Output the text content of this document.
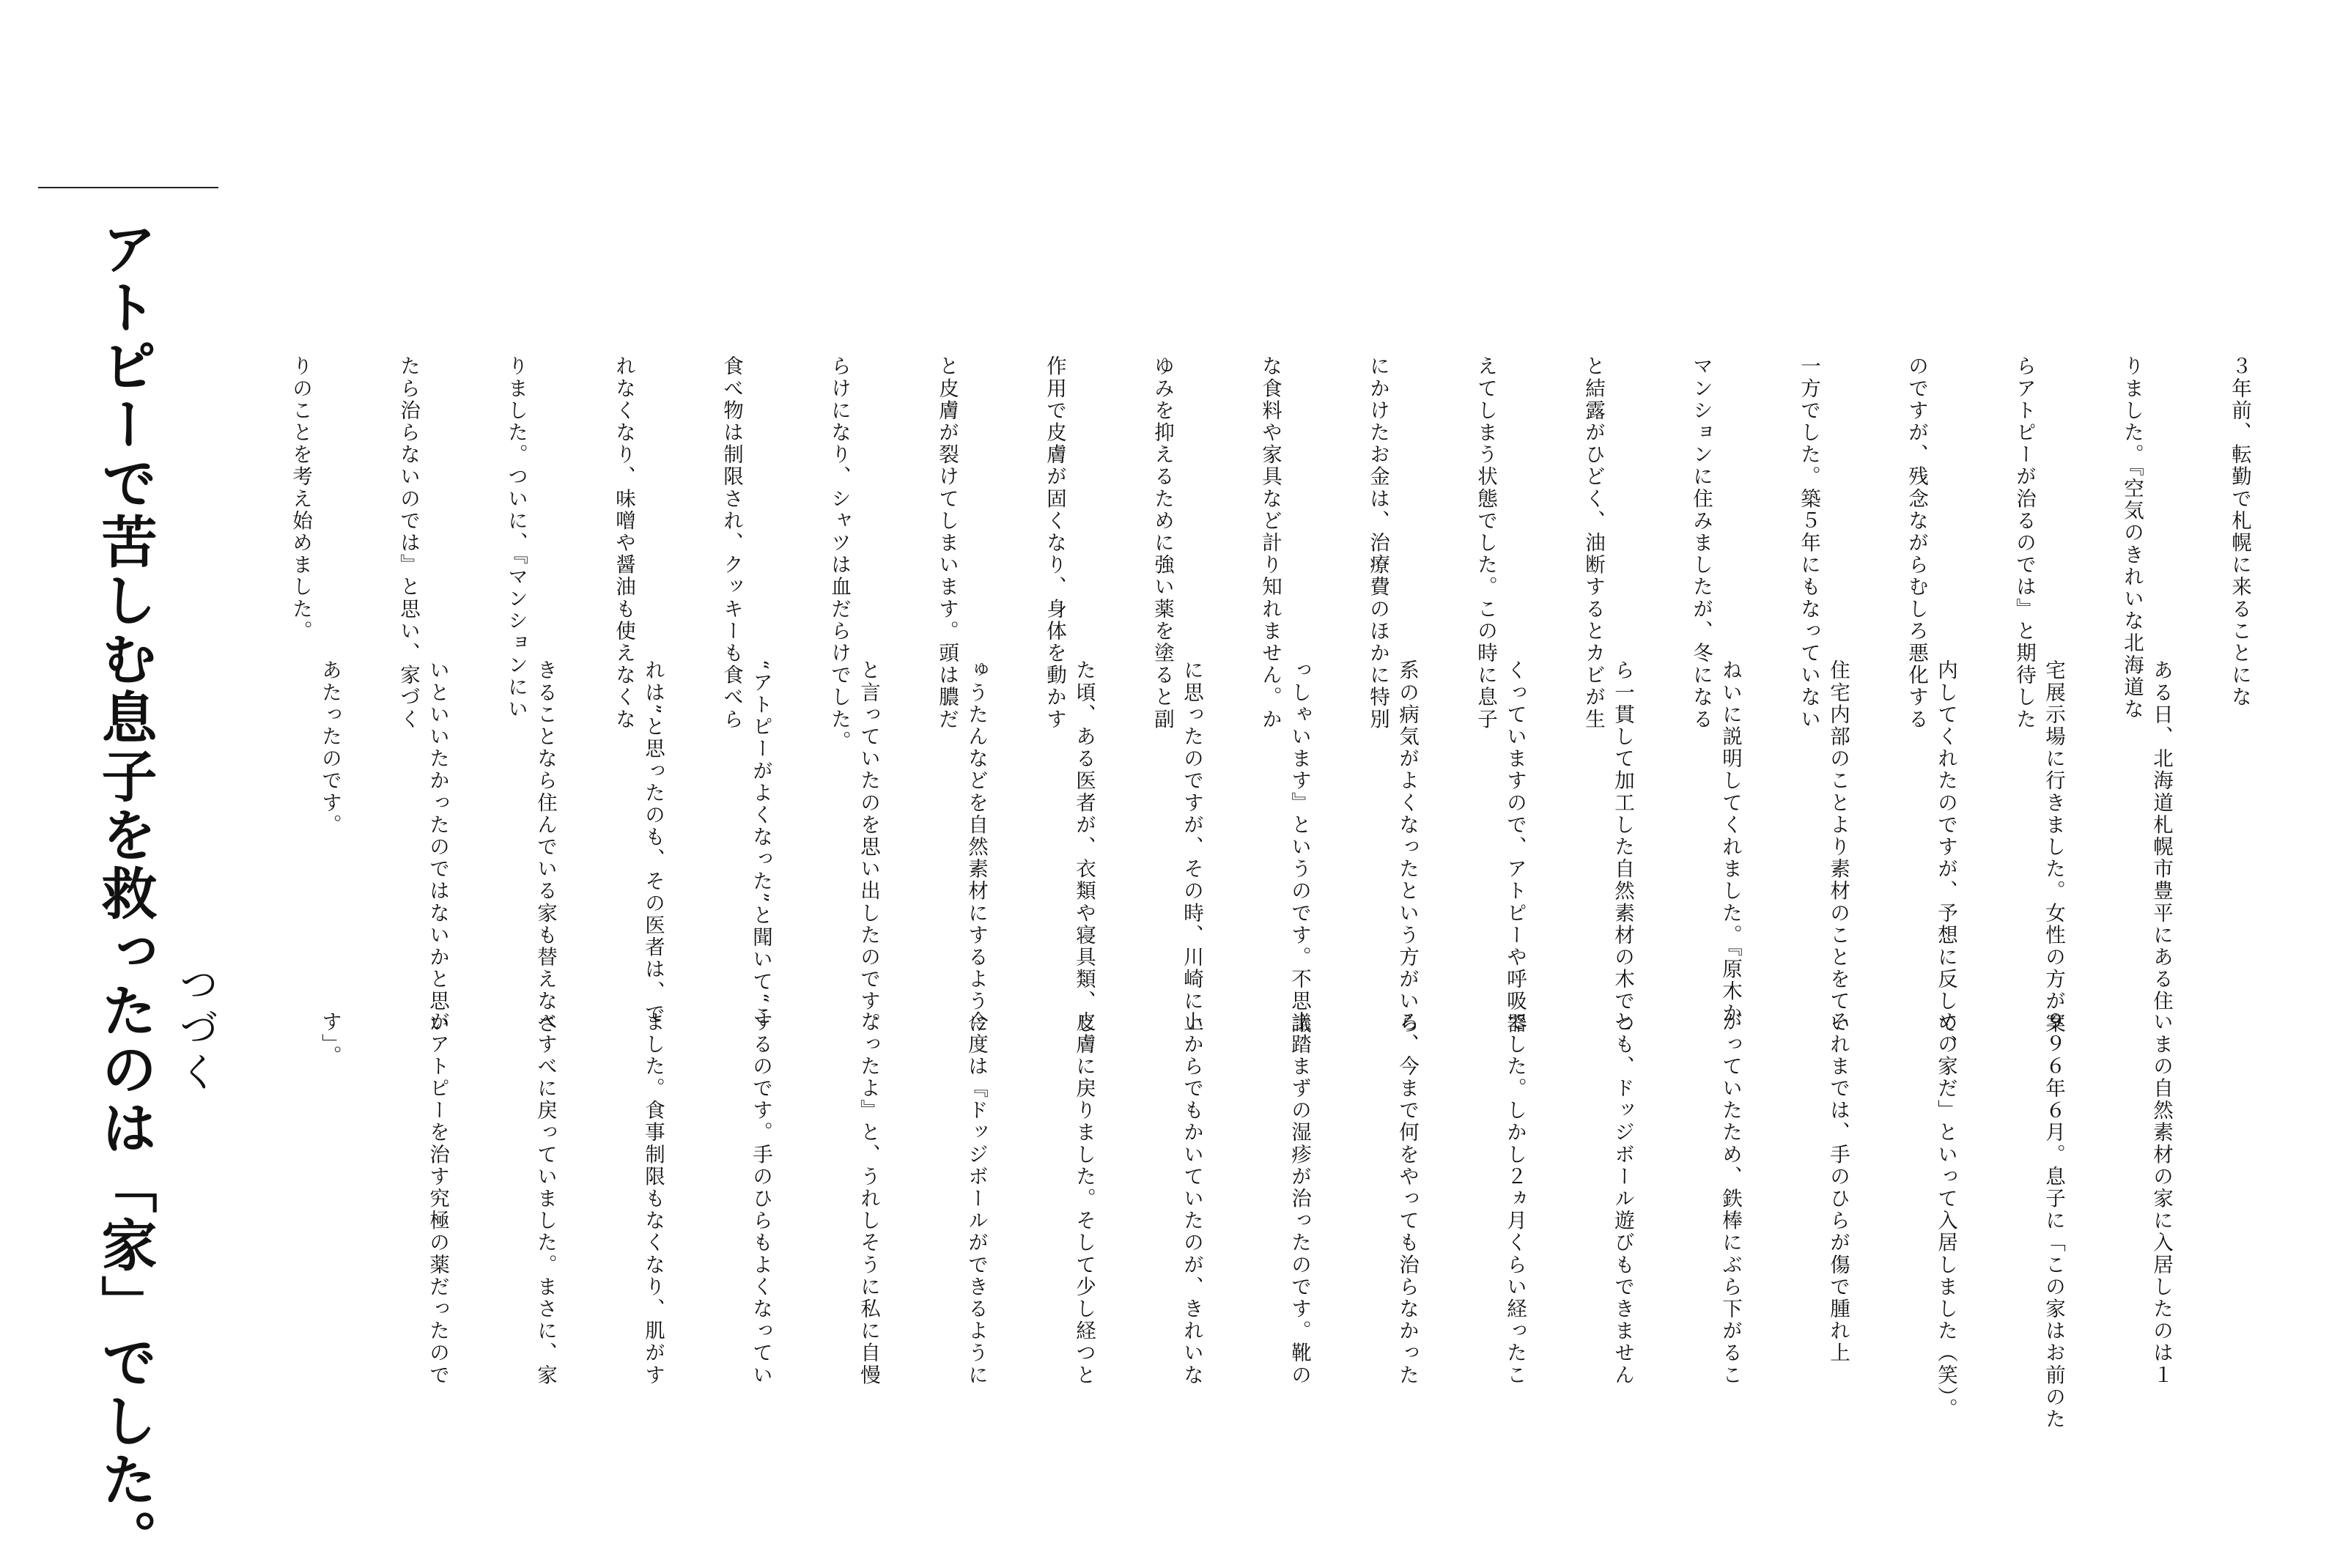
アトピーで苦しむ息子を救ったのは「家」でした。 つづく

３年前、転勤で札幌に来ることにな

りました。『空気のきれいな北海道な

らアトピーが治るのでは』と期待した

のですが、残念ながらむしろ悪化する

一方でした。築５年にもなっていない

マンションに住みましたが、冬になる

と結露がひどく、油断するとカビが生

えてしまう状態でした。この時に息子

にかけたお金は、治療費のほかに特別

な食料や家具など計り知れません。か

ゆみを抑えるために強い薬を塗ると副

作用で皮膚が固くなり、身体を動かす

と皮膚が裂けてしまいます。頭は膿だ

らけになり、シャツは血だらけでした。

食べ物は制限され、クッキーも食べら

れなくなり、味噌や醤油も使えなくな

りました。ついに、『マンションにい

たら治らないのでは』と思い、家づく

りのことを考え始めました。

ある日、北海道札幌市豊平にある住

宅展示場に行きました。女性の方が案

内してくれたのですが、予想に反して、

住宅内部のことより素材のことをてい

ねいに説明してくれました。『原木か

ら一貫して加工した自然素材の木でつ

くっていますので、アトピーや呼吸器

系の病気がよくなったという方がいら

っしゃいます』というのです。不思議

に思ったのですが、その時、川崎にい

た頃、ある医者が、衣類や寝具類、じ

ゅうたんなどを自然素材にするように

と言っていたのを思い出したのです。

“アトピーがよくなった”と聞いて“こ

れは”と思ったのも、その医者は、で

きることなら住んでいる家も替えなさ

いといいたかったのではないかと思い

あたったのです。

いまの自然素材の家に入居したのは１

９９６年６月。息子に「この家はお前のた

めの家だ」といって入居しました（笑）。

それまでは、手のひらが傷で腫れ上

がっていたため、鉄棒にぶら下がるこ

とも、ドッジボール遊びもできません

でした。しかし２ヵ月くらい経ったこ

ろ、今まで何をやっても治らなかった

土踏まずの湿疹が治ったのです。靴の

上からでもかいていたのが、きれいな

皮膚に戻りました。そして少し経つと

今度は『ドッジボールができるように

なったよ』と、うれしそうに私に自慢

するのです。手のひらもよくなってい

ました。食事制限もなくなり、肌がす

べすべに戻っていました。まさに、家

がアトピーを治す究極の薬だったので

す」。
